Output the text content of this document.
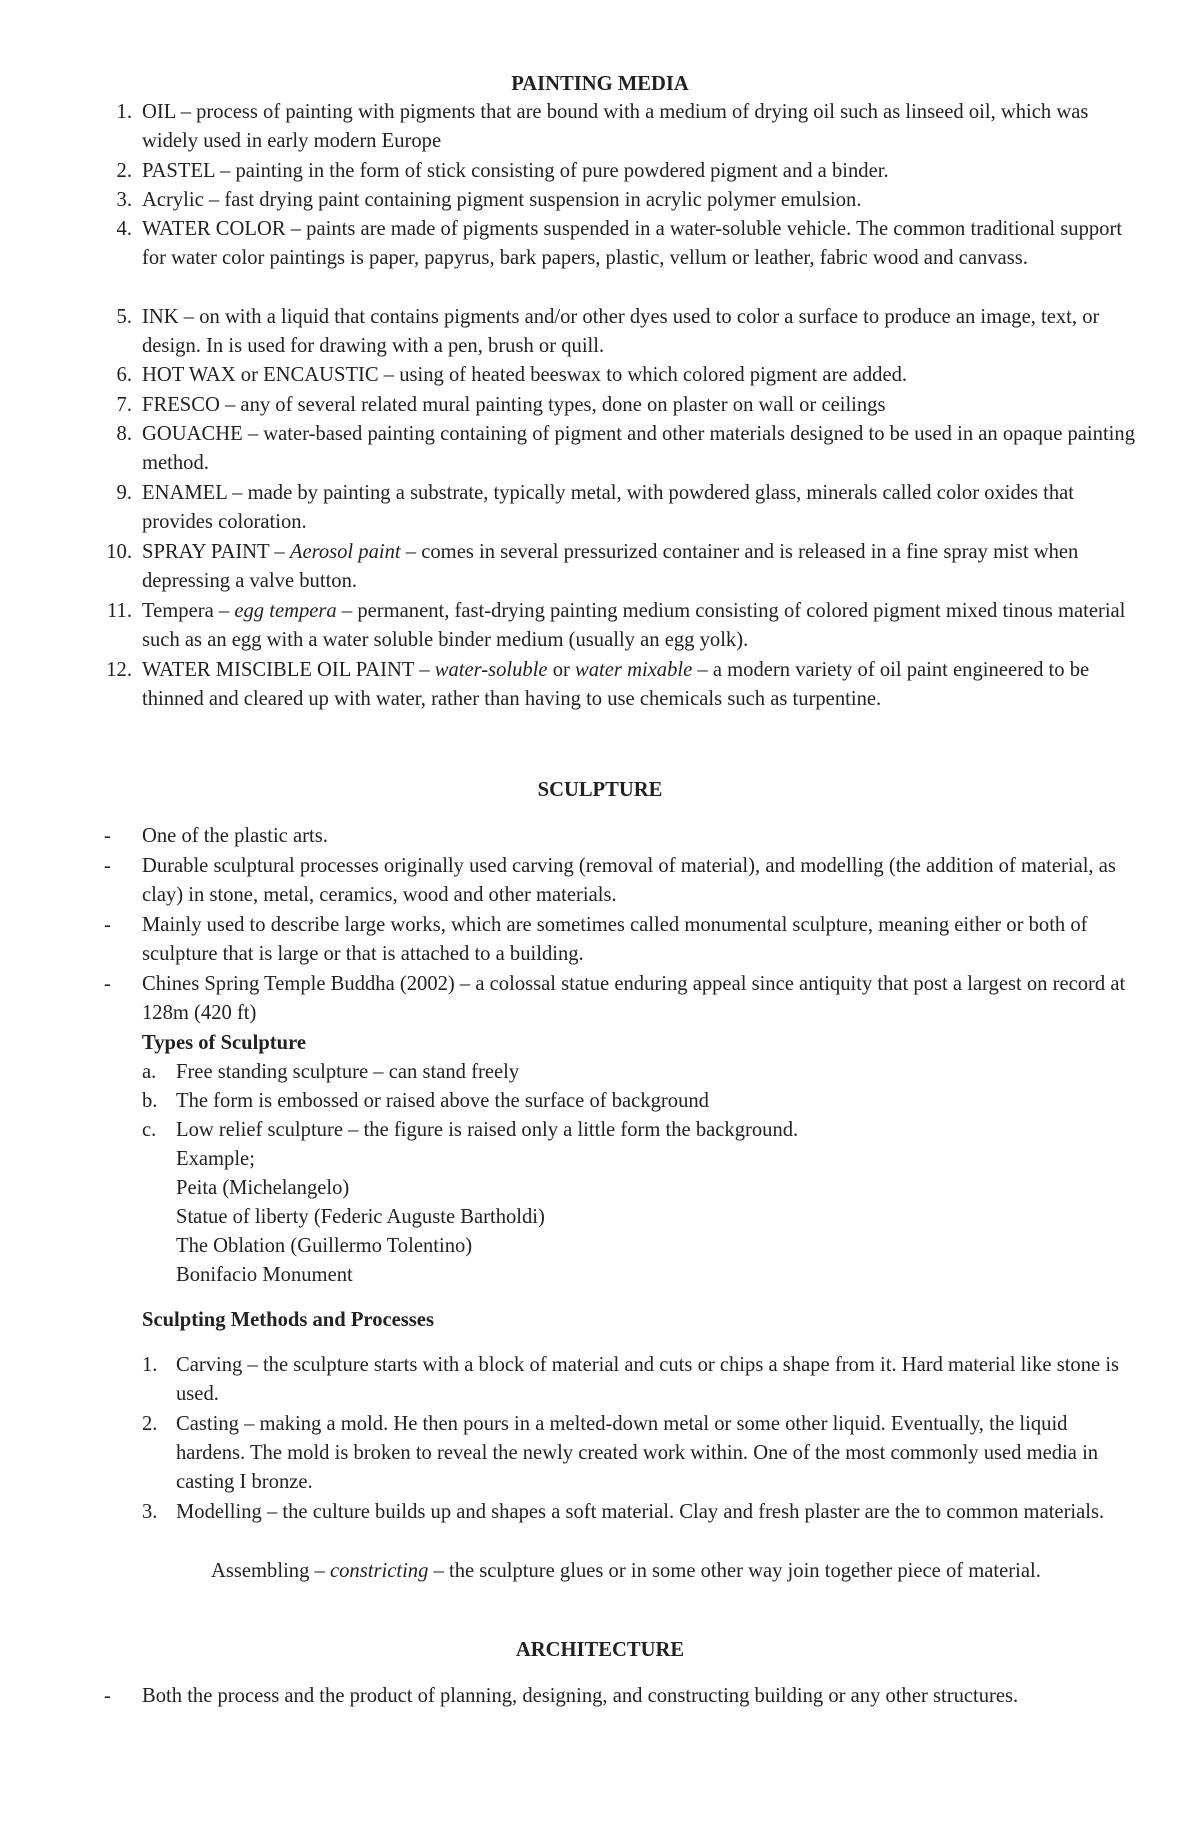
PAINTING MEDIA
1. OIL – process of painting with pigments that are bound with a medium of drying oil such as linseed oil, which was widely used in early modern Europe
2. PASTEL – painting in the form of stick consisting of pure powdered pigment and a binder.
3. Acrylic – fast drying paint containing pigment suspension in acrylic polymer emulsion.
4. WATER COLOR – paints are made of pigments suspended in a water-soluble vehicle. The common traditional support for water color paintings is paper, papyrus, bark papers, plastic, vellum or leather, fabric wood and canvass.
5. INK – on with a liquid that contains pigments and/or other dyes used to color a surface to produce an image, text, or design. In is used for drawing with a pen, brush or quill.
6. HOT WAX or ENCAUSTIC – using of heated beeswax to which colored pigment are added.
7. FRESCO – any of several related mural painting types, done on plaster on wall or ceilings
8. GOUACHE – water-based painting containing of pigment and other materials designed to be used in an opaque painting method.
9. ENAMEL – made by painting a substrate, typically metal, with powdered glass, minerals called color oxides that provides coloration.
10. SPRAY PAINT – Aerosol paint – comes in several pressurized container and is released in a fine spray mist when depressing a valve button.
11. Tempera – egg tempera – permanent, fast-drying painting medium consisting of colored pigment mixed tinous material such as an egg with a water soluble binder medium (usually an egg yolk).
12. WATER MISCIBLE OIL PAINT – water-soluble or water mixable – a modern variety of oil paint engineered to be thinned and cleared up with water, rather than having to use chemicals such as turpentine.
SCULPTURE
- One of the plastic arts.
- Durable sculptural processes originally used carving (removal of material), and modelling (the addition of material, as clay) in stone, metal, ceramics, wood and other materials.
- Mainly used to describe large works, which are sometimes called monumental sculpture, meaning either or both of sculpture that is large or that is attached to a building.
- Chines Spring Temple Buddha (2002) – a colossal statue enduring appeal since antiquity that post a largest on record at 128m (420 ft)
Types of Sculpture
a. Free standing sculpture – can stand freely
b. The form is embossed or raised above the surface of background
c. Low relief sculpture – the figure is raised only a little form the background.
Example;
Peita (Michelangelo)
Statue of liberty (Federic Auguste Bartholdi)
The Oblation (Guillermo Tolentino)
Bonifacio Monument
Sculpting Methods and Processes
1. Carving – the sculpture starts with a block of material and cuts or chips a shape from it. Hard material like stone is used.
2. Casting – making a mold. He then pours in a melted-down metal or some other liquid. Eventually, the liquid hardens. The mold is broken to reveal the newly created work within. One of the most commonly used media in casting I bronze.
3. Modelling – the culture builds up and shapes a soft material. Clay and fresh plaster are the to common materials.
Assembling – constricting – the sculpture glues or in some other way join together piece of material.
ARCHITECTURE
- Both the process and the product of planning, designing, and constructing building or any other structures.
